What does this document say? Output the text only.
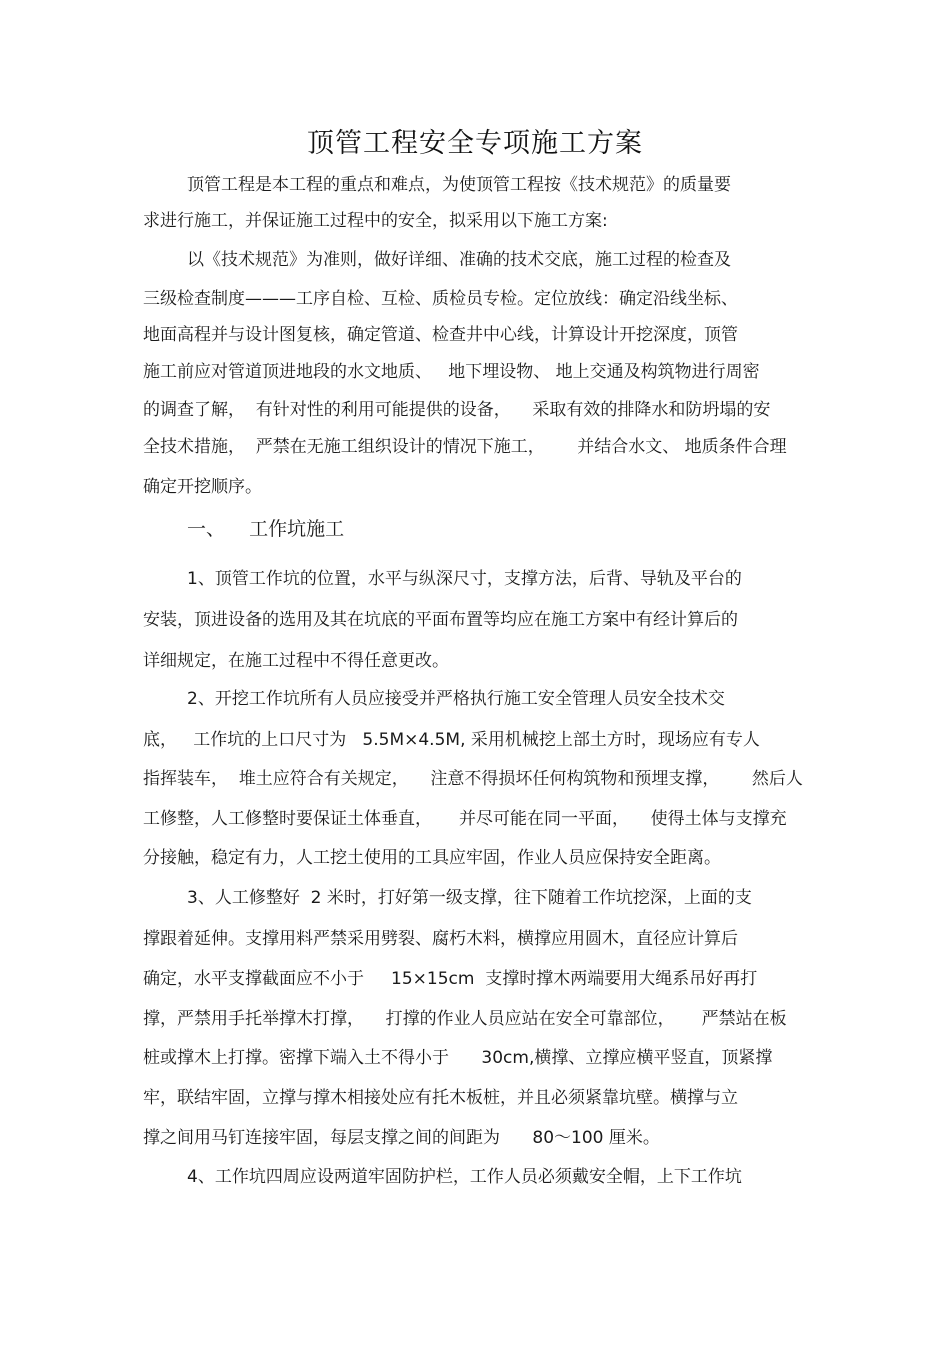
顶管工程安全专项施工方案
顶管工程是本工程的重点和难点，为使顶管工程按《技术规范》的质量要
求进行施工，并保证施工过程中的安全，拟采用以下施工方案:
以《技术规范》为准则，做好详细、准确的技术交底，施工过程的检查及
三级检查制度———工序自检、互检、质检员专检。定位放线：确定沿线坐标、
地面高程并与设计图复核，确定管道、检查井中心线，计算设计开挖深度，顶管
施工前应对管道顶进地段的水文地质、   地下埋设物、 地上交通及构筑物进行周密
的调查了解，  有针对性的利用可能提供的设备，    采取有效的排降水和防坍塌的安
全技术措施，  严禁在无施工组织设计的情况下施工，      并结合水文、 地质条件合理
确定开挖顺序。
一、    工作坑施工
1、顶管工作坑的位置，水平与纵深尺寸，支撑方法，后背、导轨及平台的
安装，顶进设备的选用及其在坑底的平面布置等均应在施工方案中有经计算后的
详细规定，在施工过程中不得任意更改。
2、开挖工作坑所有人员应接受并严格执行施工安全管理人员安全技术交
底，   工作坑的上口尺寸为   5.5M×4.5M, 采用机械挖上部土方时，现场应有专人
指挥装车，  堆土应符合有关规定，    注意不得损坏任何构筑物和预埋支撑，      然后人
工修整，人工修整时要保证土体垂直，     并尽可能在同一平面，    使得土体与支撑充
分接触，稳定有力，人工挖土使用的工具应牢固，作业人员应保持安全距离。
3、人工修整好  2 米时，打好第一级支撑，往下随着工作坑挖深，上面的支
撑跟着延伸。支撑用料严禁采用劈裂、腐朽木料，横撑应用圆木，直径应计算后
确定，水平支撑截面应不小于     15×15cm  支撑时撑木两端要用大绳系吊好再打
撑，严禁用手托举撑木打撑，    打撑的作业人员应站在安全可靠部位，     严禁站在板
桩或撑木上打撑。密撑下端入土不得小于      30cm,横撑、立撑应横平竖直，顶紧撑
牢，联结牢固，立撑与撑木相接处应有托木板桩，并且必须紧靠坑壁。横撑与立
撑之间用马钉连接牢固，每层支撑之间的间距为      80～100 厘米。
4、工作坑四周应设两道牢固防护栏，工作人员必须戴安全帽，上下工作坑
